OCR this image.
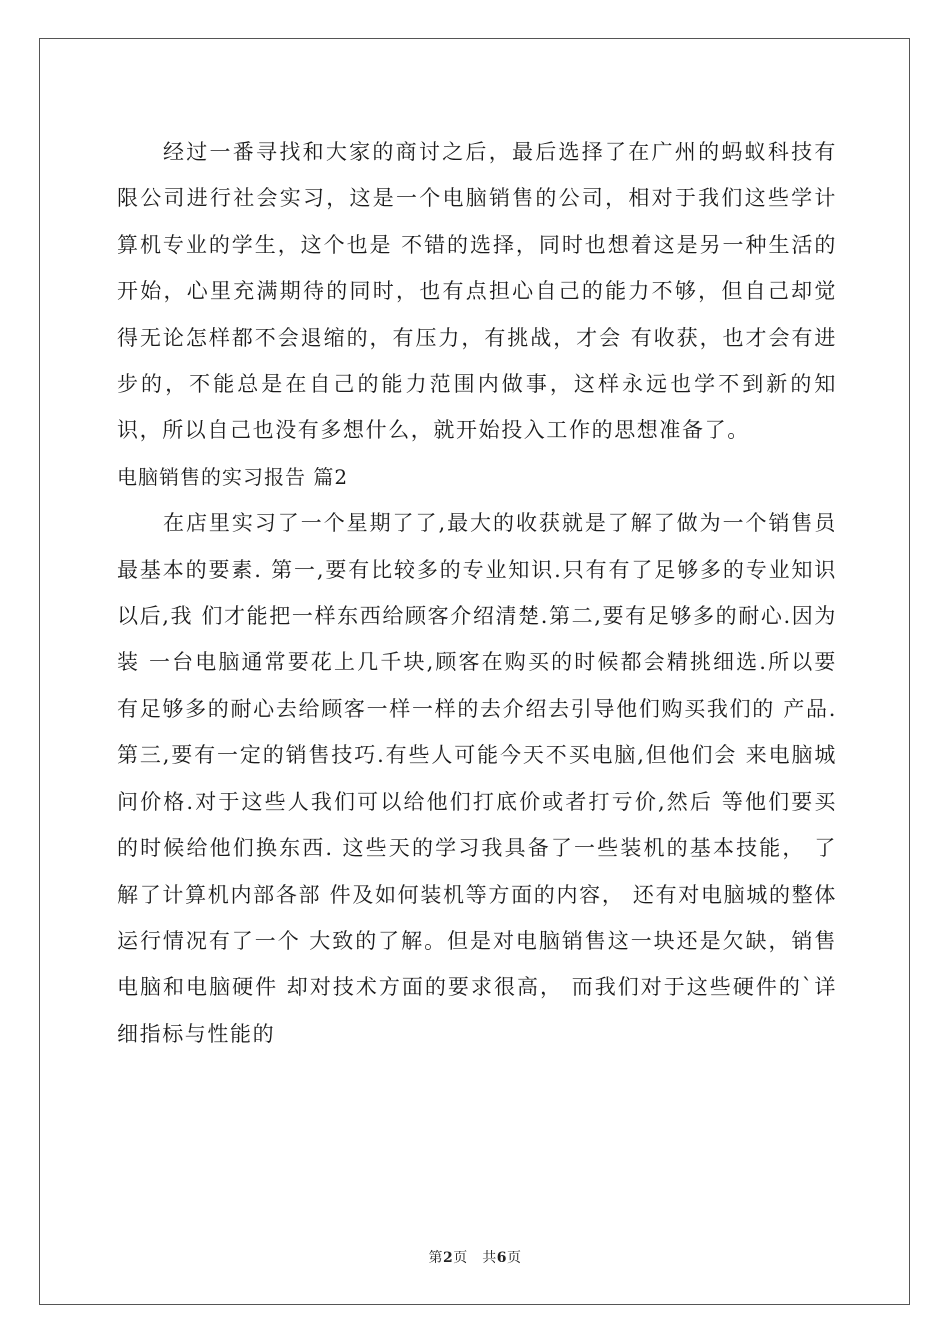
经过一番寻找和大家的商讨之后，最后选择了在广州的蚂蚁科技有限公司进行社会实习，这是一个电脑销售的公司，相对于我们这些学计算机专业的学生，这个也是 不错的选择，同时也想着这是另一种生活的开始，心里充满期待的同时，也有点担心自己的能力不够，但自己却觉得无论怎样都不会退缩的，有压力，有挑战，才会 有收获，也才会有进步的，不能总是在自己的能力范围内做事，这样永远也学不到新的知识，所以自己也没有多想什么，就开始投入工作的思想准备了。

电脑销售的实习报告 篇2

在店里实习了一个星期了了,最大的收获就是了解了做为一个销售员最基本的要素. 第一,要有比较多的专业知识.只有有了足够多的专业知识以后,我 们才能把一样东西给顾客介绍清楚.第二,要有足够多的耐心.因为装 一台电脑通常要花上几千块,顾客在购买的时候都会精挑细选.所以要 有足够多的耐心去给顾客一样一样的去介绍去引导他们购买我们的 产品.第三,要有一定的销售技巧.有些人可能今天不买电脑,但他们会 来电脑城问价格.对于这些人我们可以给他们打底价或者打亏价,然后 等他们要买的时候给他们换东西. 这些天的学习我具备了一些装机的基本技能， 了解了计算机内部各部 件及如何装机等方面的内容， 还有对电脑城的整体运行情况有了一个 大致的了解。但是对电脑销售这一块还是欠缺，销售电脑和电脑硬件 却对技术方面的要求很高， 而我们对于这些硬件的`详细指标与性能的

第2页　共6页
